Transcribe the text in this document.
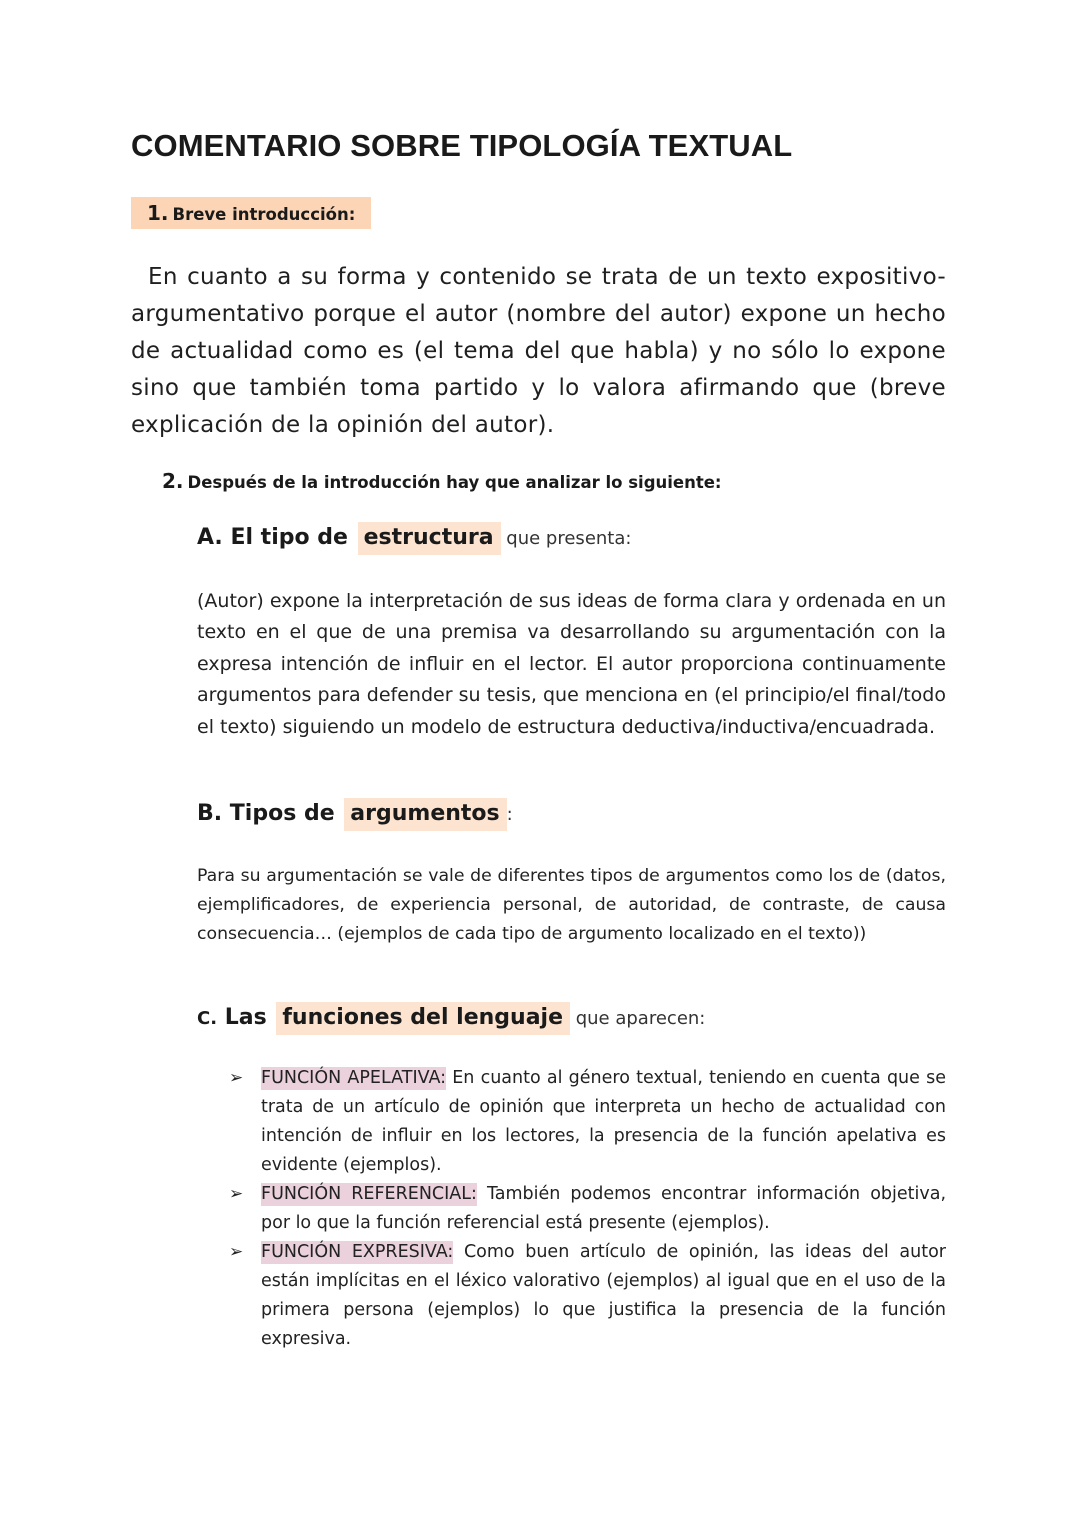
COMENTARIO SOBRE TIPOLOGÍA TEXTUAL
1. Breve introducción:
En cuanto a su forma y contenido se trata de un texto expositivo-argumentativo porque el autor (nombre del autor) expone un hecho de actualidad como es (el tema del que habla) y no sólo lo expone sino que también toma partido y lo valora afirmando que (breve explicación de la opinión del autor).
2. Después de la introducción hay que analizar lo siguiente:
A. El tipo de estructura que presenta:
(Autor) expone la interpretación de sus ideas de forma clara y ordenada en un texto en el que de una premisa va desarrollando su argumentación con la expresa intención de influir en el lector. El autor proporciona continuamente argumentos para defender su tesis, que menciona en (el principio/el final/todo el texto) siguiendo un modelo de estructura deductiva/inductiva/encuadrada.
B. Tipos de argumentos :
Para su argumentación se vale de diferentes tipos de argumentos como los de (datos, ejemplificadores, de experiencia personal, de autoridad, de contraste, de causa consecuencia… (ejemplos de cada tipo de argumento localizado en el texto))
C. Las funciones del lenguaje que aparecen:
➢ FUNCIÓN APELATIVA: En cuanto al género textual, teniendo en cuenta que se trata de un artículo de opinión que interpreta un hecho de actualidad con intención de influir en los lectores, la presencia de la función apelativa es evidente (ejemplos).
➢ FUNCIÓN REFERENCIAL: También podemos encontrar información objetiva, por lo que la función referencial está presente (ejemplos).
➢ FUNCIÓN EXPRESIVA: Como buen artículo de opinión, las ideas del autor están implícitas en el léxico valorativo (ejemplos) al igual que en el uso de la primera persona (ejemplos) lo que justifica la presencia de la función expresiva.
